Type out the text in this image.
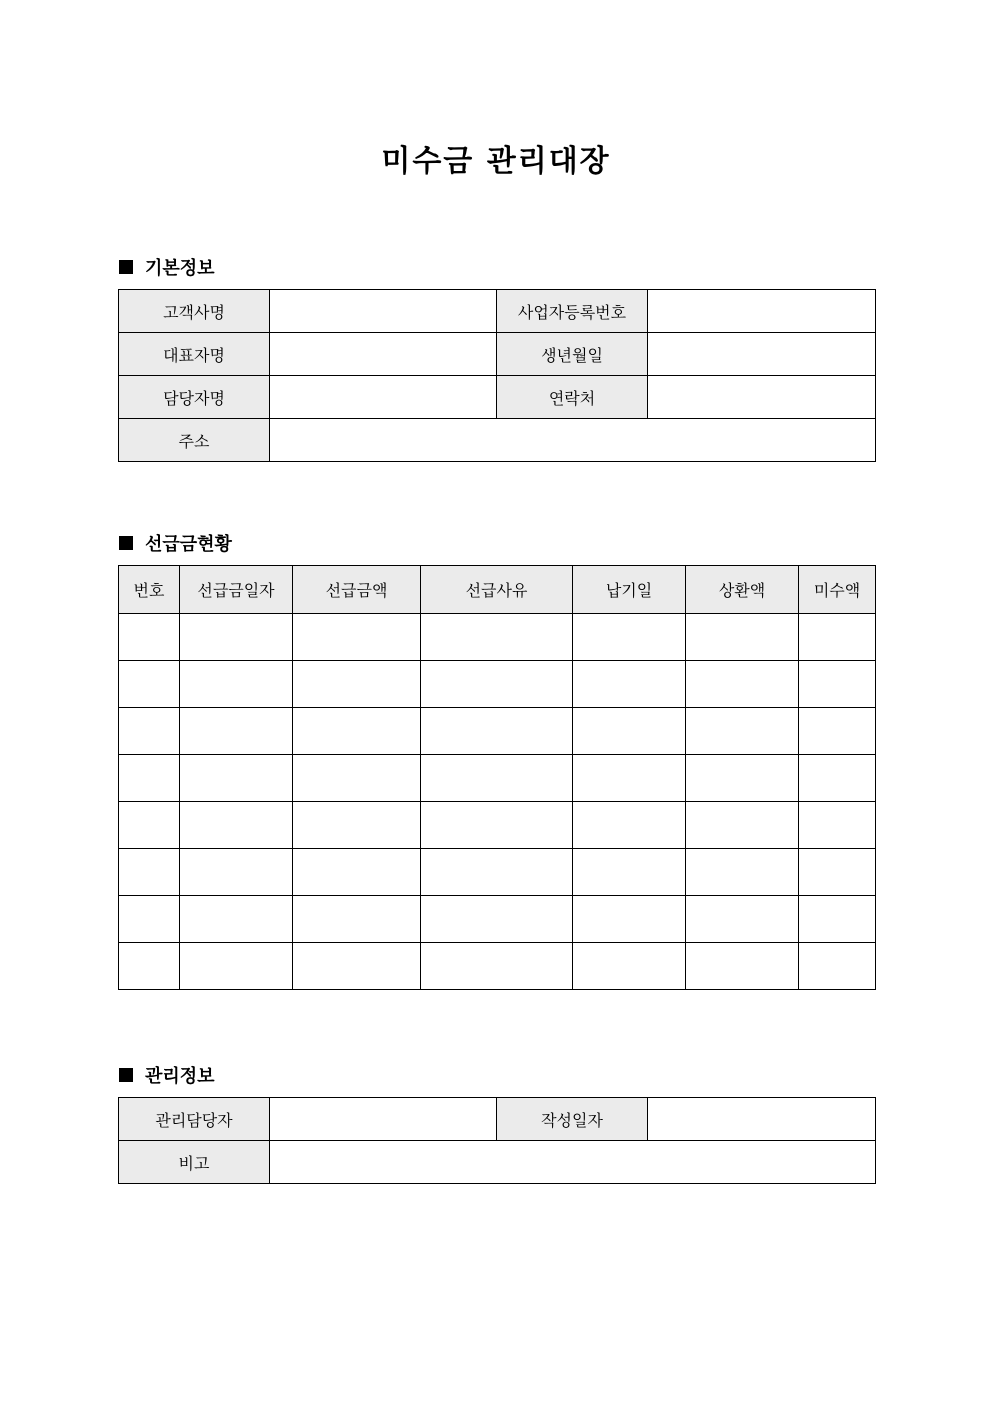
미수금 관리대장
기본정보
고객사명		사업자등록번호	
대표자명		생년월일	
담당자명		연락처	
주소			
선급금현황
번호	선급금일자	선급금액	선급사유	납기일	상환액	미수액

관리정보
관리담당자		작성일자	
비고			
